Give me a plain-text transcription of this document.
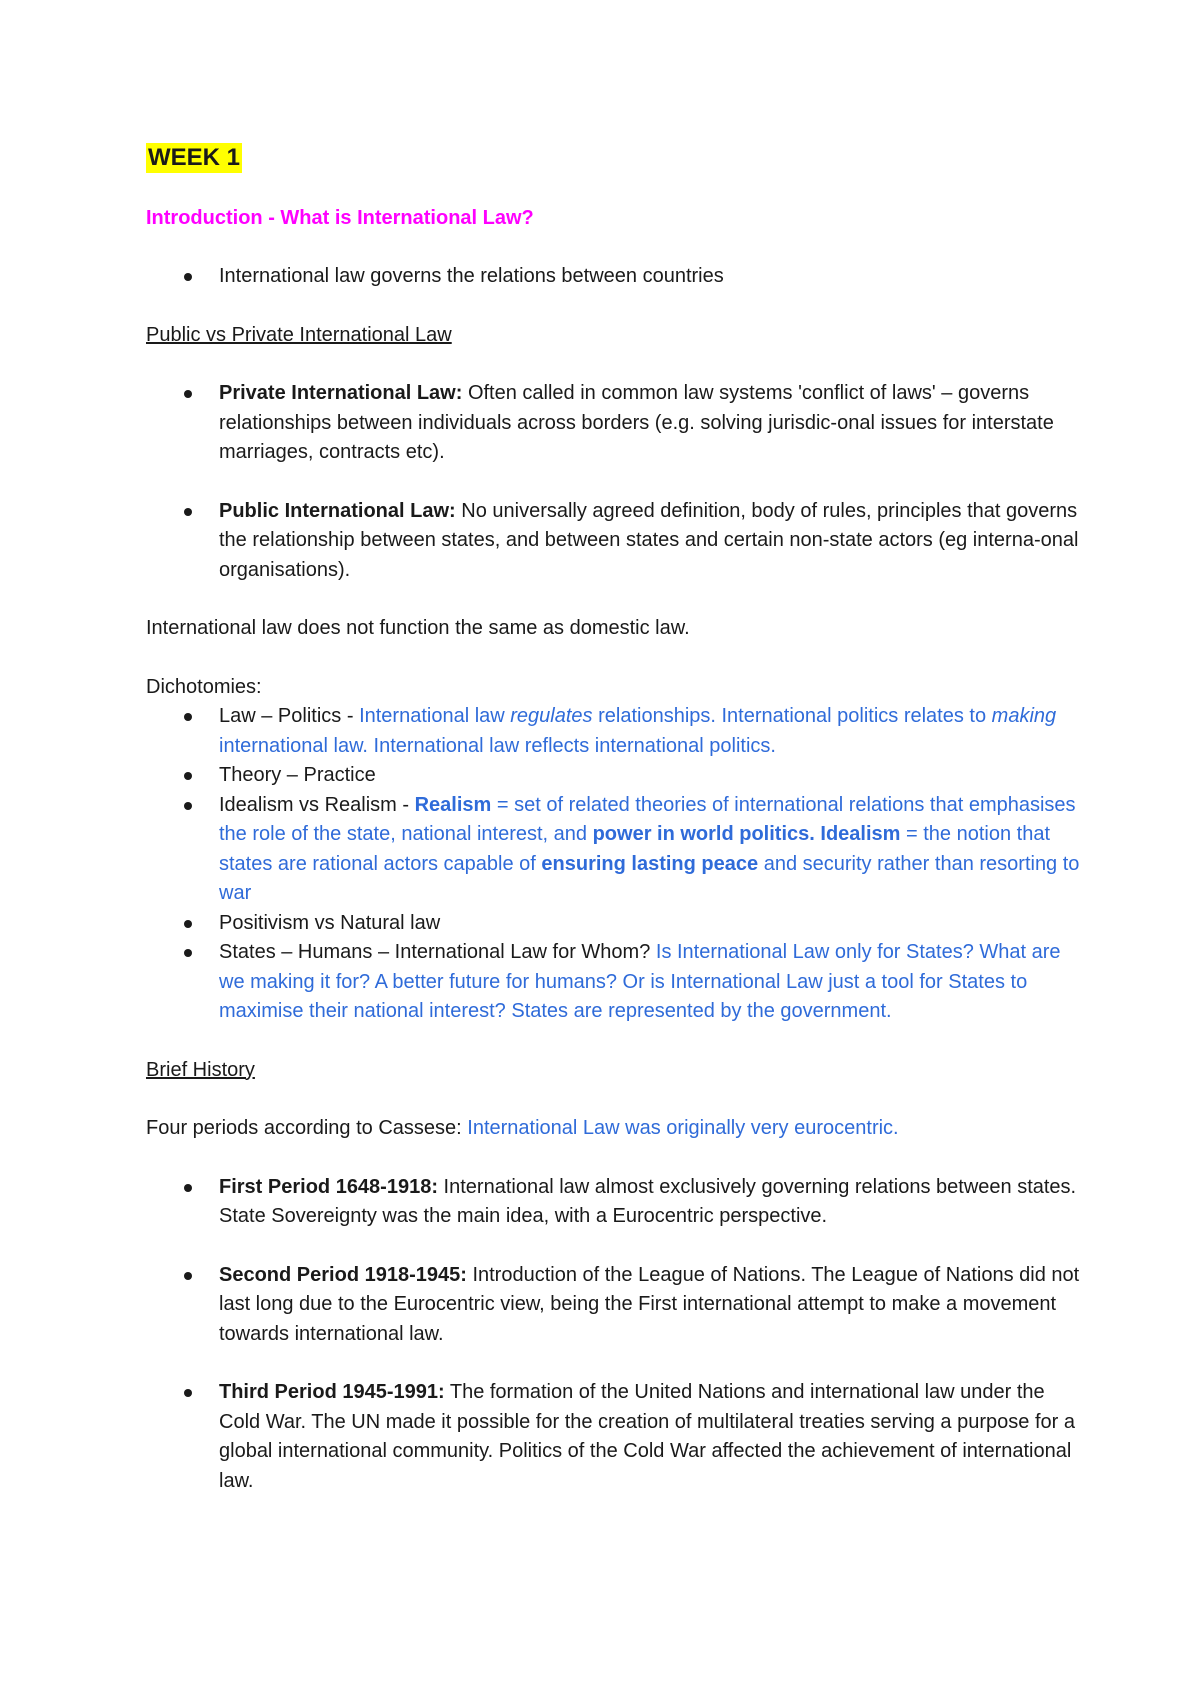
WEEK 1
Introduction - What is International Law?
International law governs the relations between countries
Public vs Private International Law
Private International Law: Often called in common law systems 'conflict of laws' – governs relationships between individuals across borders (e.g. solving jurisdic-onal issues for interstate marriages, contracts etc).
Public International Law: No universally agreed definition, body of rules, principles that governs the relationship between states, and between states and certain non-state actors (eg interna-onal organisations).
International law does not function the same as domestic law.
Dichotomies:
Law – Politics - International law regulates relationships. International politics relates to making international law. International law reflects international politics.
Theory – Practice
Idealism vs Realism - Realism = set of related theories of international relations that emphasises the role of the state, national interest, and power in world politics. Idealism = the notion that states are rational actors capable of ensuring lasting peace and security rather than resorting to war
Positivism vs Natural law
States – Humans – International Law for Whom? Is International Law only for States? What are we making it for? A better future for humans? Or is International Law just a tool for States to maximise their national interest? States are represented by the government.
Brief History
Four periods according to Cassese: International Law was originally very eurocentric.
First Period 1648-1918: International law almost exclusively governing relations between states. State Sovereignty was the main idea, with a Eurocentric perspective.
Second Period 1918-1945: Introduction of the League of Nations. The League of Nations did not last long due to the Eurocentric view, being the First international attempt to make a movement towards international law.
Third Period 1945-1991: The formation of the United Nations and international law under the Cold War. The UN made it possible for the creation of multilateral treaties serving a purpose for a global international community. Politics of the Cold War affected the achievement of international law.
